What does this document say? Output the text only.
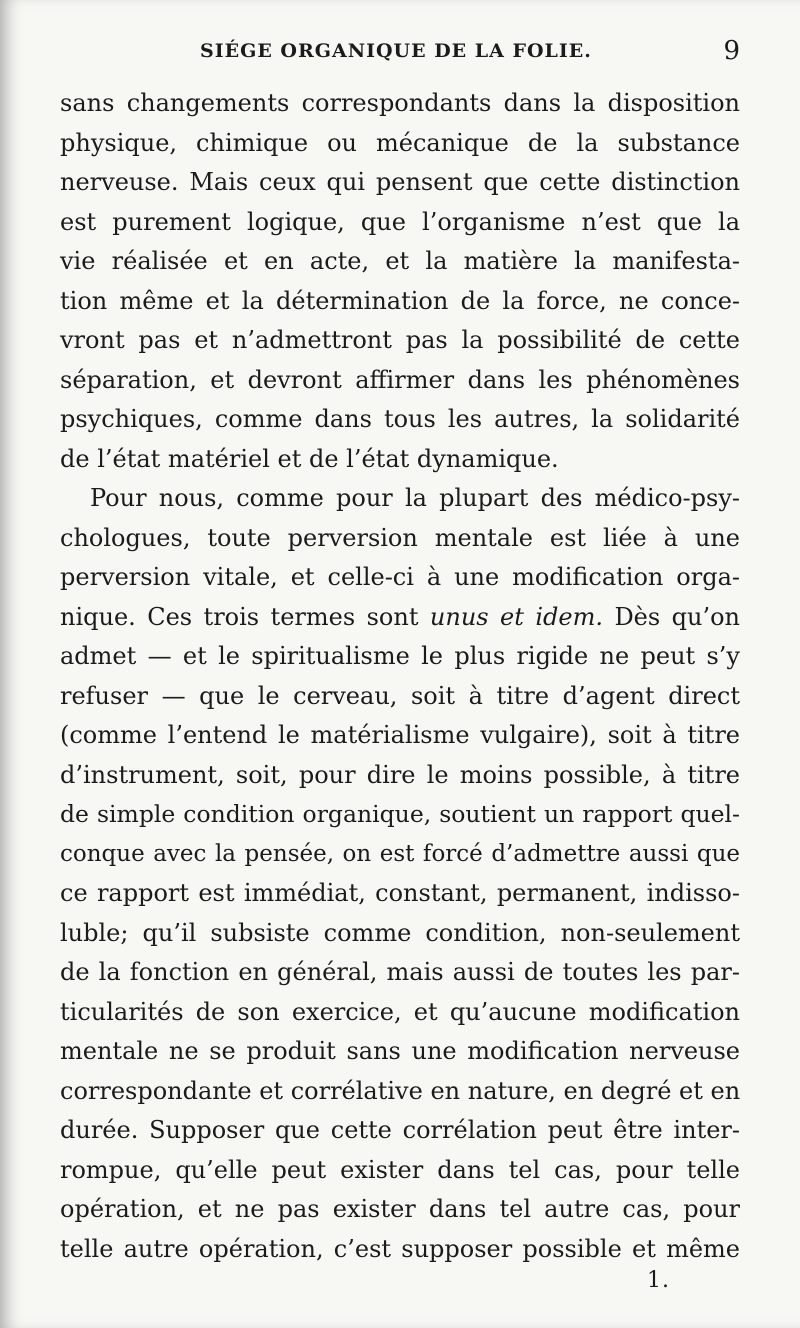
SIÉGE ORGANIQUE DE LA FOLIE.	9
sans changements correspondants dans la disposition
physique, chimique ou mécanique de la substance
nerveuse. Mais ceux qui pensent que cette distinction
est purement logique, que l’organisme n’est que la
vie réalisée et en acte, et la matière la manifesta-
tion même et la détermination de la force, ne conce-
vront pas et n’admettront pas la possibilité de cette
séparation, et devront affirmer dans les phénomènes
psychiques, comme dans tous les autres, la solidarité
de l’état matériel et de l’état dynamique.
Pour nous, comme pour la plupart des médico-psy-
chologues, toute perversion mentale est liée à une
perversion vitale, et celle-ci à une modification orga-
nique. Ces trois termes sont unus et idem. Dès qu’on
admet — et le spiritualisme le plus rigide ne peut s’y
refuser — que le cerveau, soit à titre d’agent direct
(comme l’entend le matérialisme vulgaire), soit à titre
d’instrument, soit, pour dire le moins possible, à titre
de simple condition organique, soutient un rapport quel-
conque avec la pensée, on est forcé d’admettre aussi que
ce rapport est immédiat, constant, permanent, indisso-
luble; qu’il subsiste comme condition, non-seulement
de la fonction en général, mais aussi de toutes les par-
ticularités de son exercice, et qu’aucune modification
mentale ne se produit sans une modification nerveuse
correspondante et corrélative en nature, en degré et en
durée. Supposer que cette corrélation peut être inter-
rompue, qu’elle peut exister dans tel cas, pour telle
opération, et ne pas exister dans tel autre cas, pour
telle autre opération, c’est supposer possible et même
1.
